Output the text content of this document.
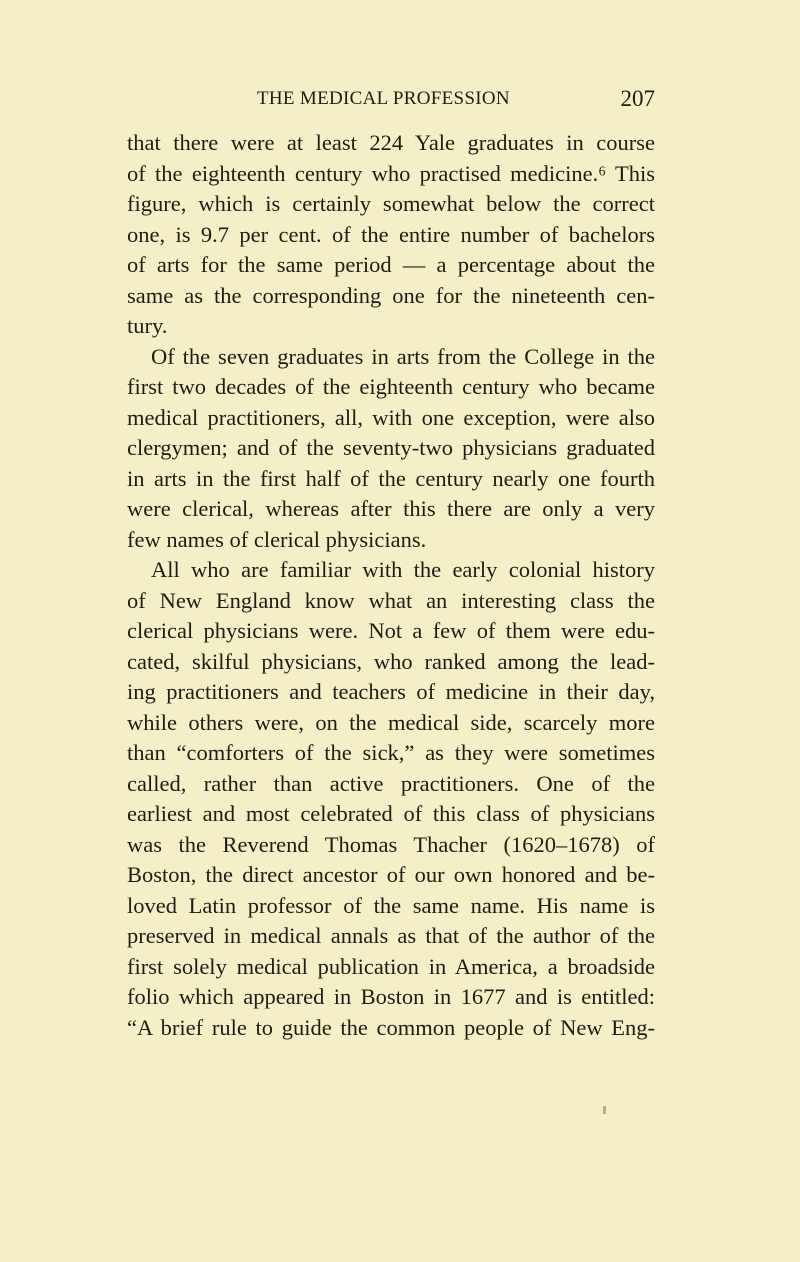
THE MEDICAL PROFESSION	207
that there were at least 224 Yale graduates in course
of the eighteenth century who practised medicine.⁶ This
figure, which is certainly somewhat below the correct
one, is 9.7 per cent. of the entire number of bachelors
of arts for the same period — a percentage about the
same as the corresponding one for the nineteenth cen-
tury.
Of the seven graduates in arts from the College in the
first two decades of the eighteenth century who became
medical practitioners, all, with one exception, were also
clergymen; and of the seventy-two physicians graduated
in arts in the first half of the century nearly one fourth
were clerical, whereas after this there are only a very
few names of clerical physicians.
All who are familiar with the early colonial history
of New England know what an interesting class the
clerical physicians were. Not a few of them were edu-
cated, skilful physicians, who ranked among the lead-
ing practitioners and teachers of medicine in their day,
while others were, on the medical side, scarcely more
than “comforters of the sick,” as they were sometimes
called, rather than active practitioners. One of the
earliest and most celebrated of this class of physicians
was the Reverend Thomas Thacher (1620–1678) of
Boston, the direct ancestor of our own honored and be-
loved Latin professor of the same name. His name is
preserved in medical annals as that of the author of the
first solely medical publication in America, a broadside
folio which appeared in Boston in 1677 and is entitled:
“A brief rule to guide the common people of New Eng-
